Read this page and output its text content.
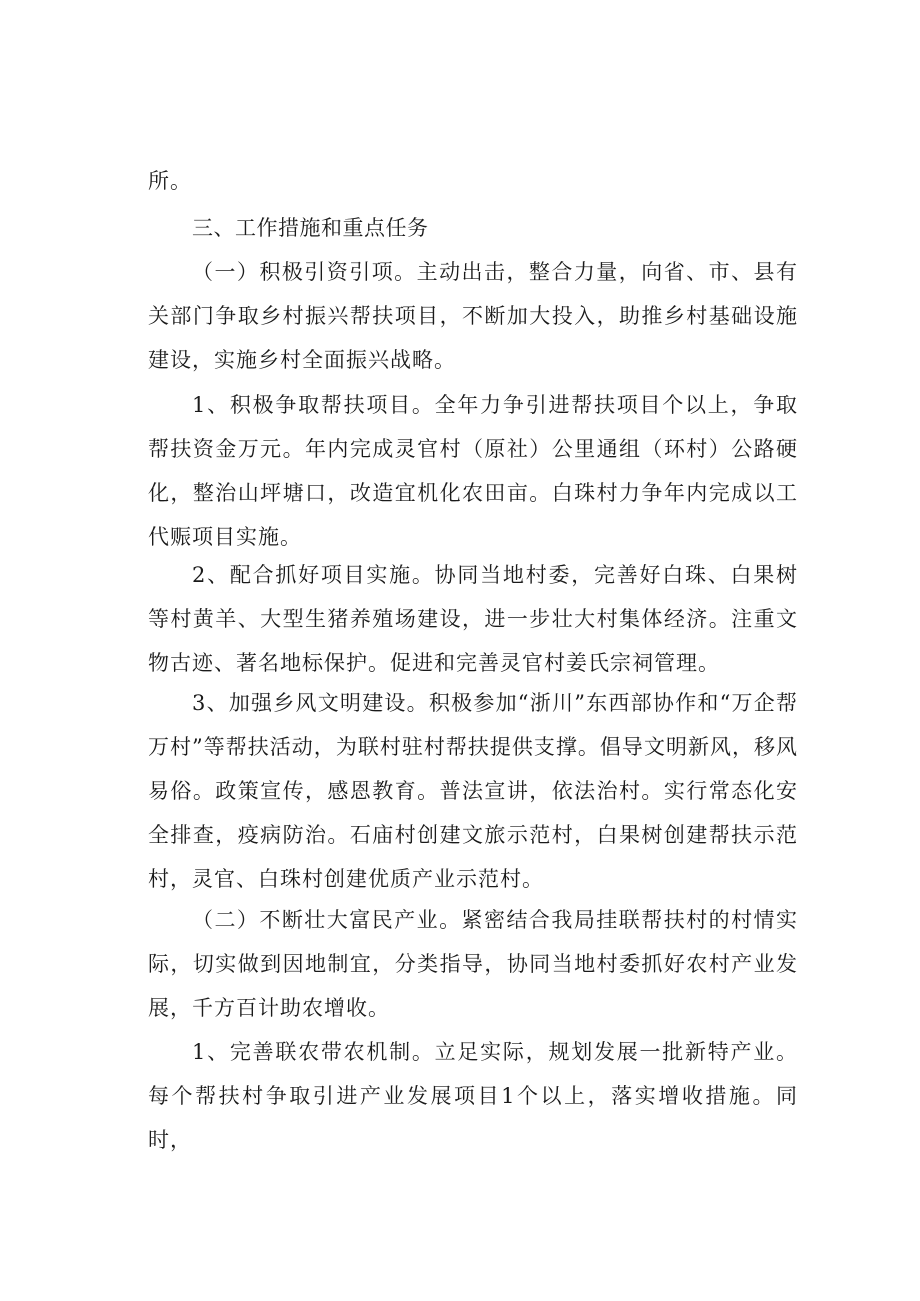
所。

三、工作措施和重点任务

（一）积极引资引项。主动出击，整合力量，向省、市、县有关部门争取乡村振兴帮扶项目，不断加大投入，助推乡村基础设施建设，实施乡村全面振兴战略。

1、积极争取帮扶项目。全年力争引进帮扶项目个以上，争取帮扶资金万元。年内完成灵官村（原社）公里通组（环村）公路硬化，整治山坪塘口，改造宜机化农田亩。白珠村力争年内完成以工代赈项目实施。

2、配合抓好项目实施。协同当地村委，完善好白珠、白果树等村黄羊、大型生猪养殖场建设，进一步壮大村集体经济。注重文物古迹、著名地标保护。促进和完善灵官村姜氏宗祠管理。

3、加强乡风文明建设。积极参加“浙川”东西部协作和“万企帮万村”等帮扶活动，为联村驻村帮扶提供支撑。倡导文明新风，移风易俗。政策宣传，感恩教育。普法宣讲，依法治村。实行常态化安全排查，疫病防治。石庙村创建文旅示范村，白果树创建帮扶示范村，灵官、白珠村创建优质产业示范村。

（二）不断壮大富民产业。紧密结合我局挂联帮扶村的村情实际，切实做到因地制宜，分类指导，协同当地村委抓好农村产业发展，千方百计助农增收。

1、完善联农带农机制。立足实际，规划发展一批新特产业。每个帮扶村争取引进产业发展项目1个以上，落实增收措施。同时，
